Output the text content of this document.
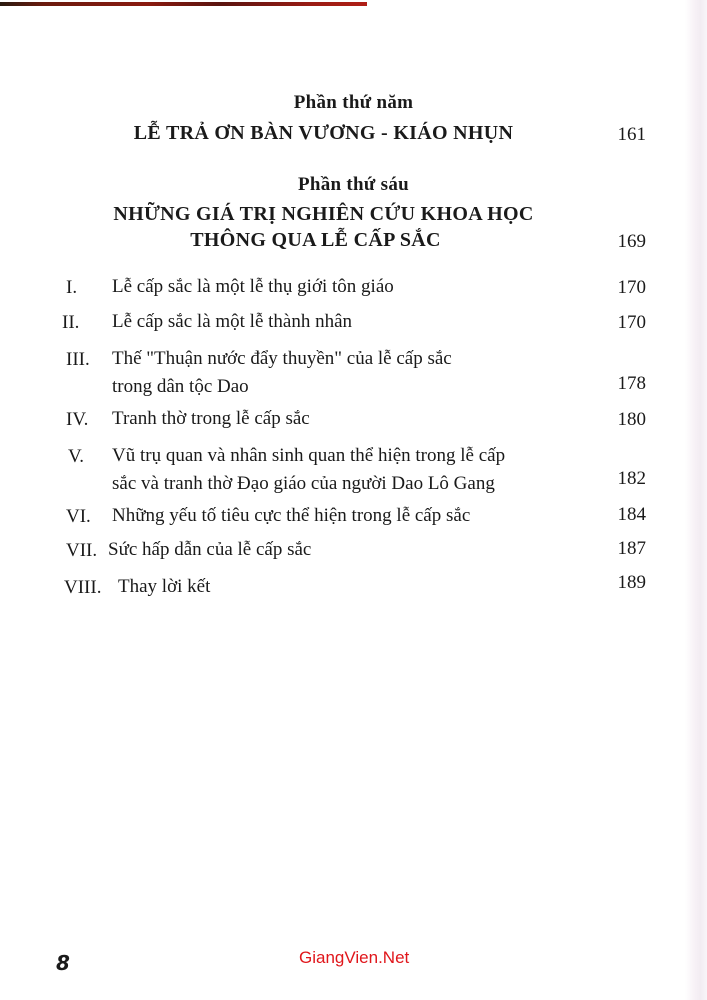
Phần thứ năm
LỄ TRẢ ƠN BÀN VƯƠNG - KIÁO NHỤN	161
Phần thứ sáu
NHỮNG GIÁ TRỊ NGHIÊN CỨU KHOA HỌC
THÔNG QUA LỄ CẤP SẮC	169
I. Lễ cấp sắc là một lễ thụ giới tôn giáo	170
II. Lễ cấp sắc là một lễ thành nhân	170
III. Thế "Thuận nước đẩy thuyền" của lễ cấp sắc
trong dân tộc Dao	178
IV. Tranh thờ trong lễ cấp sắc	180
V. Vũ trụ quan và nhân sinh quan thể hiện trong lễ cấp
sắc và tranh thờ Đạo giáo của người Dao Lô Gang	182
VI. Những yếu tố tiêu cực thể hiện trong lễ cấp sắc	184
VII. Sức hấp dẫn của lễ cấp sắc	187
VIII. Thay lời kết	189
8	GiangVien.Net
